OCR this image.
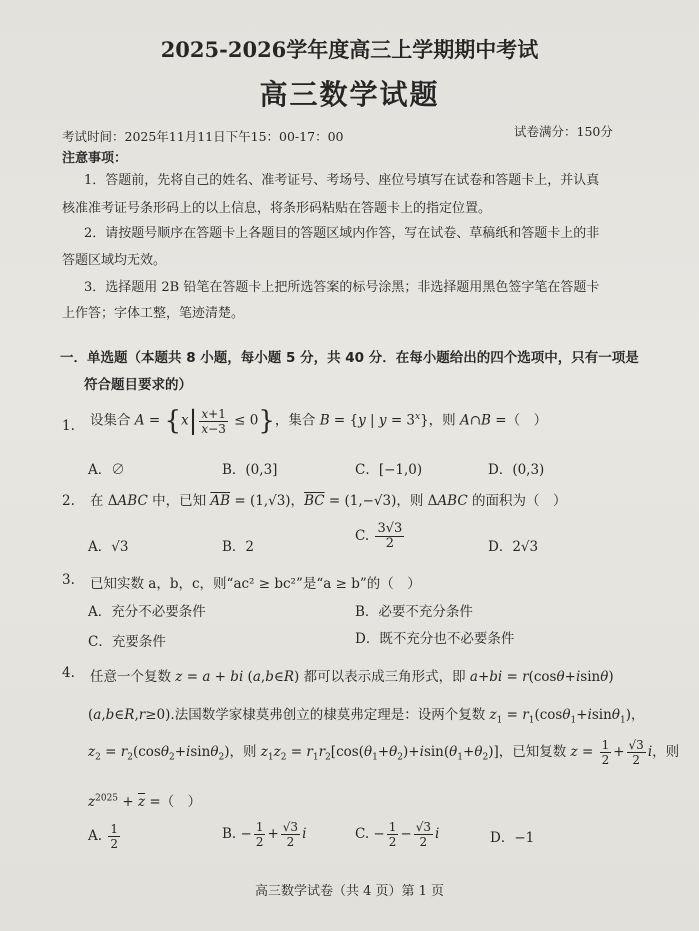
2025-2026学年度高三上学期期中考试
高三数学试题
考试时间：2025年11月11日下午15：00-17：00	试卷满分：150分
注意事项：
1．答题前，先将自己的姓名、准考证号、考场号、座位号填写在试卷和答题卡上，并认真
核准准考证号条形码上的以上信息，将条形码粘贴在答题卡上的指定位置。
2．请按题号顺序在答题卡上各题目的答题区域内作答，写在试卷、草稿纸和答题卡上的非
答题区域均无效。
3．选择题用 2B 铅笔在答题卡上把所选答案的标号涂黑；非选择题用黑色签字笔在答题卡
上作答；字体工整，笔迹清楚。
一．单选题（本题共 8 小题，每小题 5 分，共 40 分．在每小题给出的四个选项中，只有一项是
符合题目要求的）
1. 设集合 $A = \{x| \frac{x+1}{x-3} \le 0\}$，集合 B = {y | $y = 3^x$}，则 A∩B =（　）
A．∅	B．(0,3]	C．[−1,0)	D．(0,3)
2. 在 ΔABC 中，已知 $\overline{AB} = (1,√3)$，$\overline{BC} = (1,-√3)$，则 ΔABC 的面积为（　）
A．√3	B．2
C. $\frac{3√3}{2}$	D．2√3
3. 已知实数 a，b，c，则“ac² ≥ bc²”是“a ≥ b”的（　）
A．充分不必要条件	B．必要不充分条件
C．充要条件	D．既不充分也不必要条件
4. 任意一个复数 z = a + bi (a,b∈R) 都可以表示成三角形式，即 a+bi = r(cosθ+isinθ)
(a,b∈R,r≥0).法国数学家棣莫弗创立的棣莫弗定理是：设两个复数 $z_1 = r_1(\cos\theta_1+isin\theta_1)$，
$z_2 = r_2(\cos\theta_2+isin\theta_2)$，则 $z_1z_2 = r_1r_2[\cos(\theta_1+\theta_2)+isin(\theta_1+\theta_2)]$，已知复数 $z = \frac{1}{2} + \frac{√3}{2}$ i，则
$z^{2025} + \overline{z}$ =（　）
A. $\frac{1}{2}$	B. − $\frac{1}{2} + \frac{√3}{2}$ i	C. − $\frac{1}{2} - \frac{√3}{2}$ i	D．−1
高三数学试卷（共 4 页）第 1 页
